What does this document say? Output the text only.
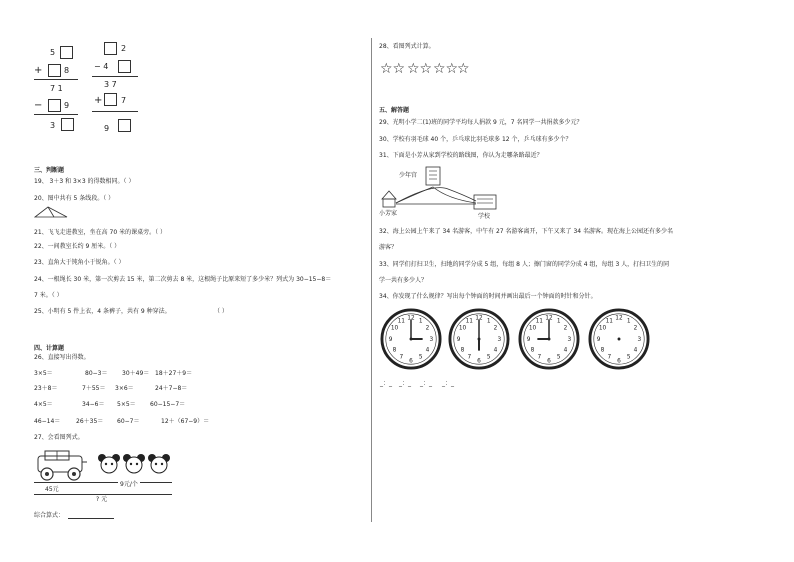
5
+	8
7 1
−	9
3
2
− 4
3 7
+ 7
9
三、判断题
19、 3＋3 和 3×3 的得数相同。（ ）
20、图中共有 5 条线段。（ ）
21、飞飞走进教室，坐在高 70 米的课桌旁。（ ）
22、一间教室长约 9 厘米。（ ）
23、直角大于钝角小于锐角。（ ）
24、一根绳长 30 米，第一次剪去 15 米，第二次剪去 8 米，这根绳子比原来短了多少米？列式为 30−15−8＝
7 米。（ ）
25、小明有 5 件上衣，4 条裤子，共有 9 种穿法。	（ ）
四、计算题
26、直接写出得数。
3×5＝	80−3＝ 30＋49＝ 18＋27＋9＝
23＋8＝	7＋55＝ 3×6＝	24＋7−8＝
4×5＝	34−6＝ 5×5＝ 60−15−7＝
46−14＝	26＋35＝ 60−7＝	12＋（67−9）＝
27、会看图列式。
45元
9元/个
? 元
综合算式：
28、看图列式计算。
☆☆ ☆☆ ☆☆
☆
五、解答题
29、光明小学二(1)班的同学平均每人捐款 9 元，7 名同学一共捐款多少元？
30、学校有羽毛球 40 个，乒乓球比羽毛球多 12 个，乒乓球有多少个？
31、下面是小芳从家到学校的路线图，你认为走哪条路最近？
少年宫
小芳家	学校
32、海上公园上午来了 34 名游客，中午有 27 名游客离开，下午又来了 34 名游客。现在海上公园还有多少名
游客？
33、同学们打扫卫生，扫地的同学分成 5 组，每组 8 人；擦门窗的同学分成 4 组，每组 3 人，打扫卫生的同
学一共有多少人？
34、你发现了什么规律？写出每个钟面的时间并画出最后一个钟面的时针和分针。
12 1
2
3
4
5
6
7
8
9
10
11	12 1
2
3
4
5
6
7
8
9
10
11	12 1
2
3
4
5
6
7
8
9
10
11	12 1
2
3
4
5
6
7
8
9
10
11
_：_ _：_ _：_ _：_
